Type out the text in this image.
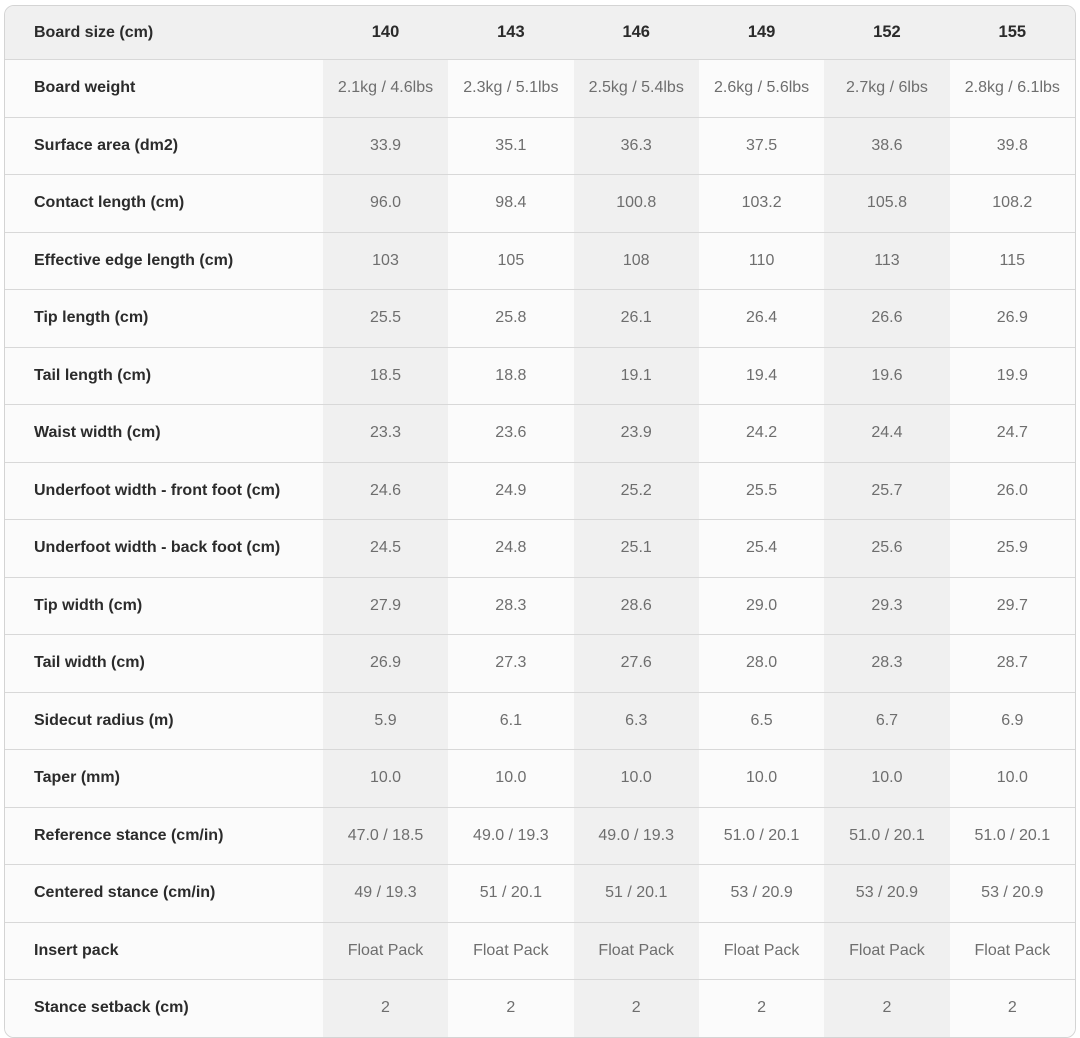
Board size (cm)	140	143	146	149	152	155
Board weight	2.1kg / 4.6lbs	2.3kg / 5.1lbs	2.5kg / 5.4lbs	2.6kg / 5.6lbs	2.7kg / 6lbs	2.8kg / 6.1lbs
Surface area (dm2)	33.9	35.1	36.3	37.5	38.6	39.8
Contact length (cm)	96.0	98.4	100.8	103.2	105.8	108.2
Effective edge length (cm)	103	105	108	110	113	115
Tip length (cm)	25.5	25.8	26.1	26.4	26.6	26.9
Tail length (cm)	18.5	18.8	19.1	19.4	19.6	19.9
Waist width (cm)	23.3	23.6	23.9	24.2	24.4	24.7
Underfoot width - front foot (cm)	24.6	24.9	25.2	25.5	25.7	26.0
Underfoot width - back foot (cm)	24.5	24.8	25.1	25.4	25.6	25.9
Tip width (cm)	27.9	28.3	28.6	29.0	29.3	29.7
Tail width (cm)	26.9	27.3	27.6	28.0	28.3	28.7
Sidecut radius (m)	5.9	6.1	6.3	6.5	6.7	6.9
Taper (mm)	10.0	10.0	10.0	10.0	10.0	10.0
Reference stance (cm/in)	47.0 / 18.5	49.0 / 19.3	49.0 / 19.3	51.0 / 20.1	51.0 / 20.1	51.0 / 20.1
Centered stance (cm/in)	49 / 19.3	51 / 20.1	51 / 20.1	53 / 20.9	53 / 20.9	53 / 20.9
Insert pack	Float Pack	Float Pack	Float Pack	Float Pack	Float Pack	Float Pack
Stance setback (cm)	2	2	2	2	2	2
